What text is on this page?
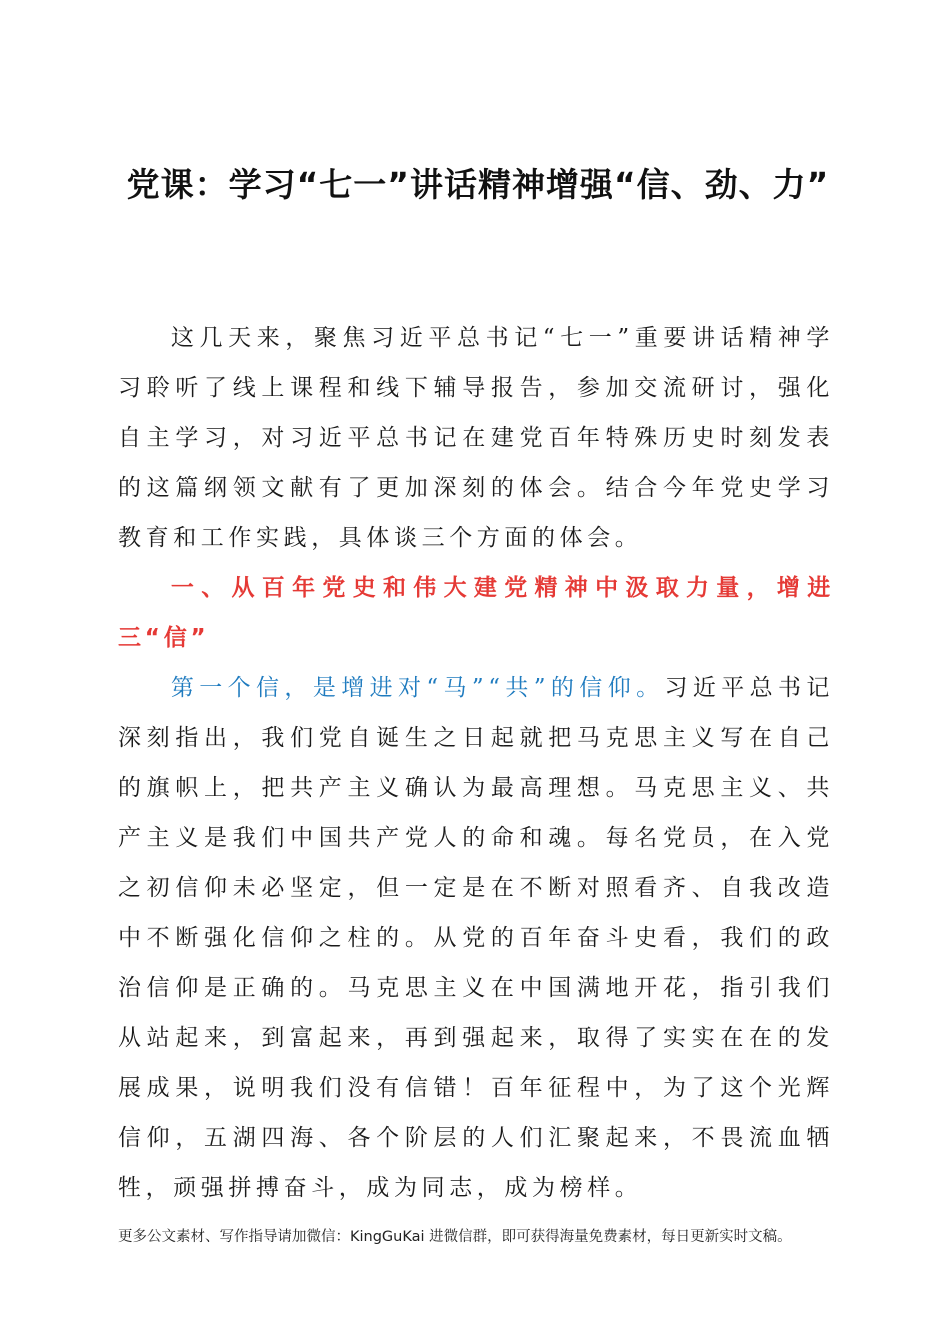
党课：学习“七一”讲话精神增强“信、劲、力”

这几天来，聚焦习近平总书记“七一”重要讲话精神学习聆听了线上课程和线下辅导报告，参加交流研讨，强化自主学习，对习近平总书记在建党百年特殊历史时刻发表的这篇纲领文献有了更加深刻的体会。结合今年党史学习教育和工作实践，具体谈三个方面的体会。

一、从百年党史和伟大建党精神中汲取力量，增进三“信”

第一个信，是增进对“马”“共”的信仰。习近平总书记深刻指出，我们党自诞生之日起就把马克思主义写在自己的旗帜上，把共产主义确认为最高理想。马克思主义、共产主义是我们中国共产党人的命和魂。每名党员，在入党之初信仰未必坚定，但一定是在不断对照看齐、自我改造中不断强化信仰之柱的。从党的百年奋斗史看，我们的政治信仰是正确的。马克思主义在中国满地开花，指引我们从站起来，到富起来，再到强起来，取得了实实在在的发展成果，说明我们没有信错！百年征程中，为了这个光辉信仰，五湖四海、各个阶层的人们汇聚起来，不畏流血牺牲，顽强拼搏奋斗，成为同志，成为榜样。

更多公文素材、写作指导请加微信：KingGuKai 进微信群，即可获得海量免费素材，每日更新实时文稿。
